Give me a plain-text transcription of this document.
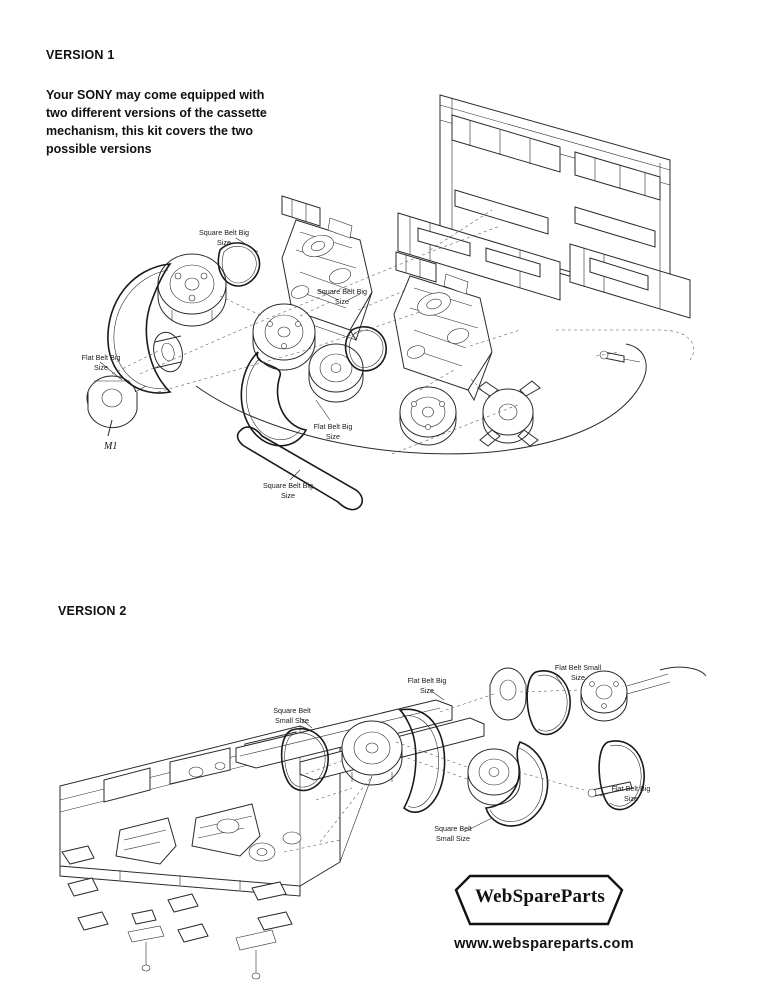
VERSION 1
Your SONY may come equipped with two different versions of the cassette mechanism, this kit covers the two possible versions
Square Belt Big Size
Square Belt Big Size
Flat Belt Big Size
Flat Belt Big Size
Square Belt Big Size
M1
VERSION 2
Flat Belt Big Size
Flat Belt Small Size
Square Belt Small Size
Flat Belt Big Size
Square Belt Small Size
WebSpareParts
www.webspareparts.com
